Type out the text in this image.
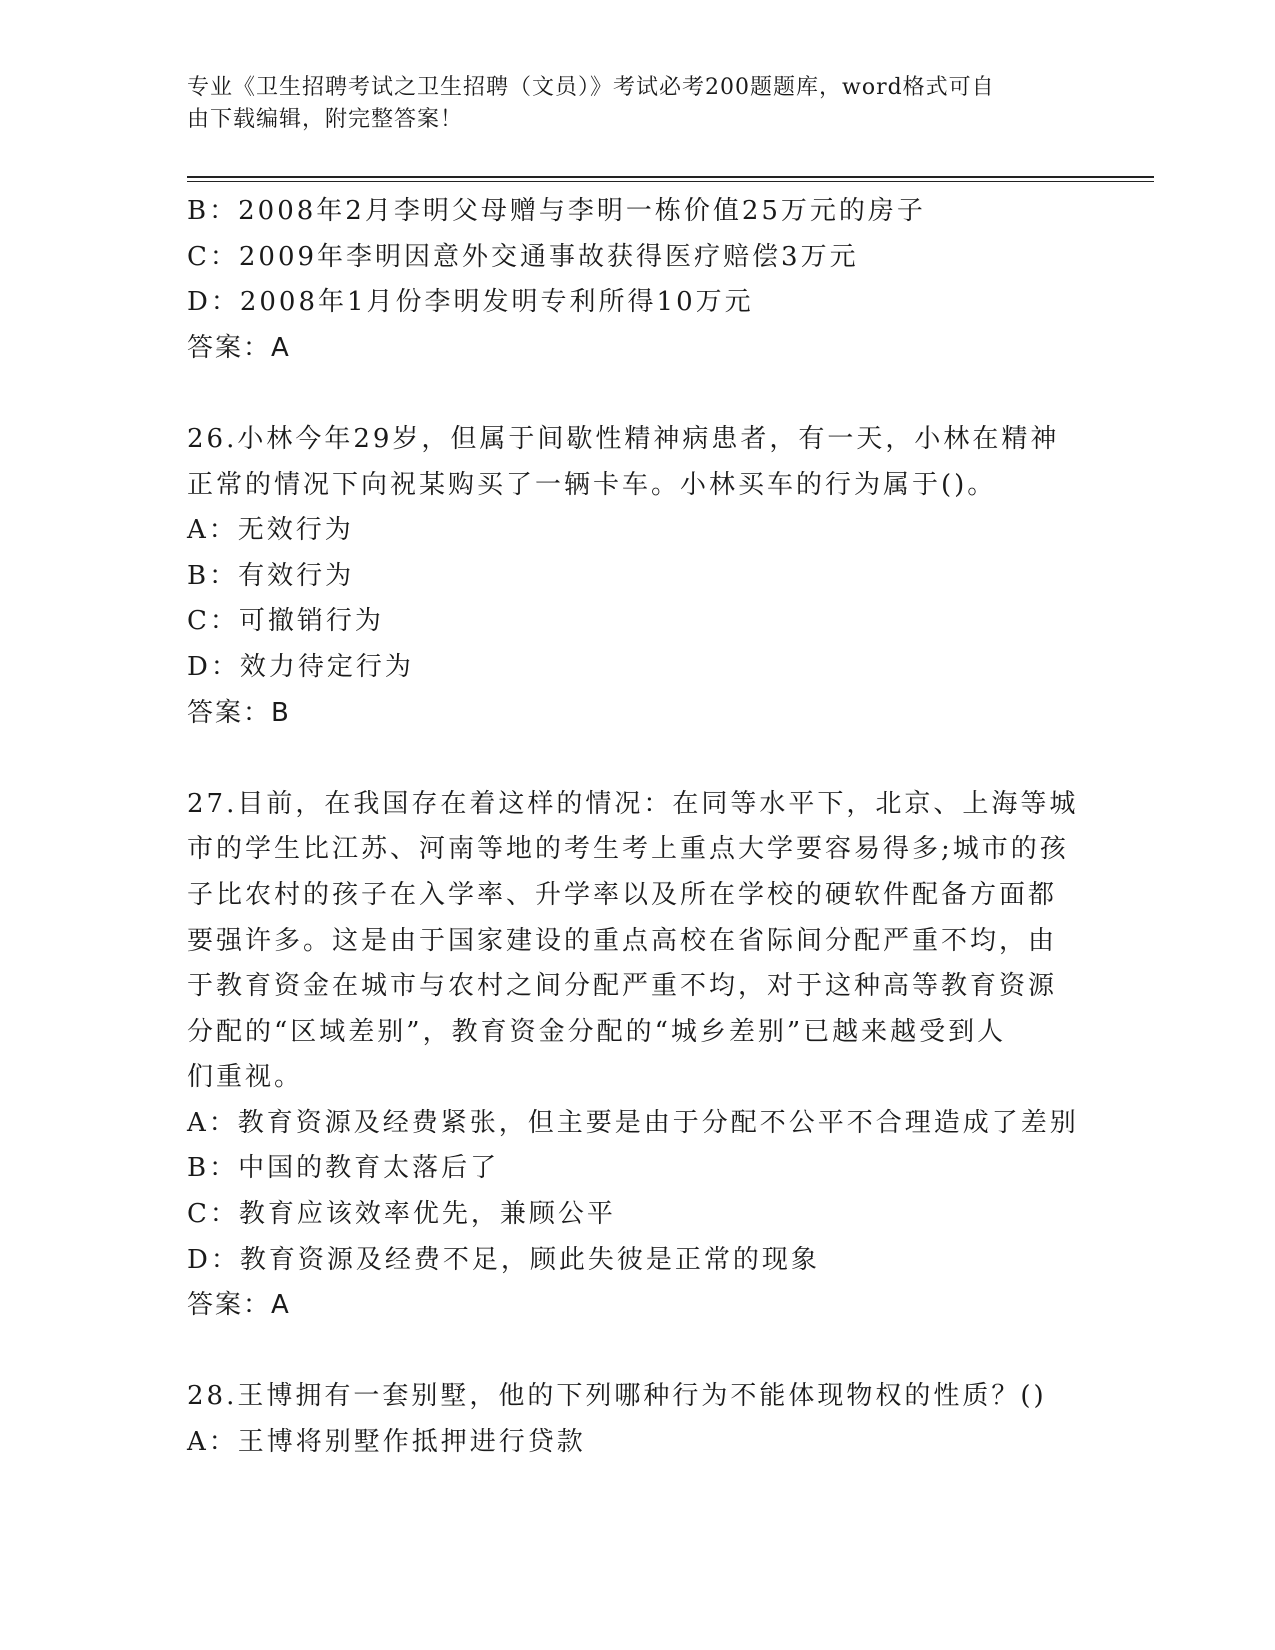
专业《卫生招聘考试之卫生招聘（文员）》考试必考200题题库，word格式可自
由下载编辑，附完整答案！
B：2008年2月李明父母赠与李明一栋价值25万元的房子
C：2009年李明因意外交通事故获得医疗赔偿3万元
D：2008年1月份李明发明专利所得10万元
答案：A
26.小林今年29岁，但属于间歇性精神病患者，有一天，小林在精神
正常的情况下向祝某购买了一辆卡车。小林买车的行为属于()。
A：无效行为
B：有效行为
C：可撤销行为
D：效力待定行为
答案：B
27.目前，在我国存在着这样的情况：在同等水平下，北京、上海等城
市的学生比江苏、河南等地的考生考上重点大学要容易得多;城市的孩
子比农村的孩子在入学率、升学率以及所在学校的硬软件配备方面都
要强许多。这是由于国家建设的重点高校在省际间分配严重不均，由
于教育资金在城市与农村之间分配严重不均，对于这种高等教育资源
分配的“区域差别”，教育资金分配的“城乡差别”已越来越受到人
们重视。
A：教育资源及经费紧张，但主要是由于分配不公平不合理造成了差别
B：中国的教育太落后了
C：教育应该效率优先，兼顾公平
D：教育资源及经费不足，顾此失彼是正常的现象
答案：A
28.王博拥有一套别墅，他的下列哪种行为不能体现物权的性质？()
A：王博将别墅作抵押进行贷款
